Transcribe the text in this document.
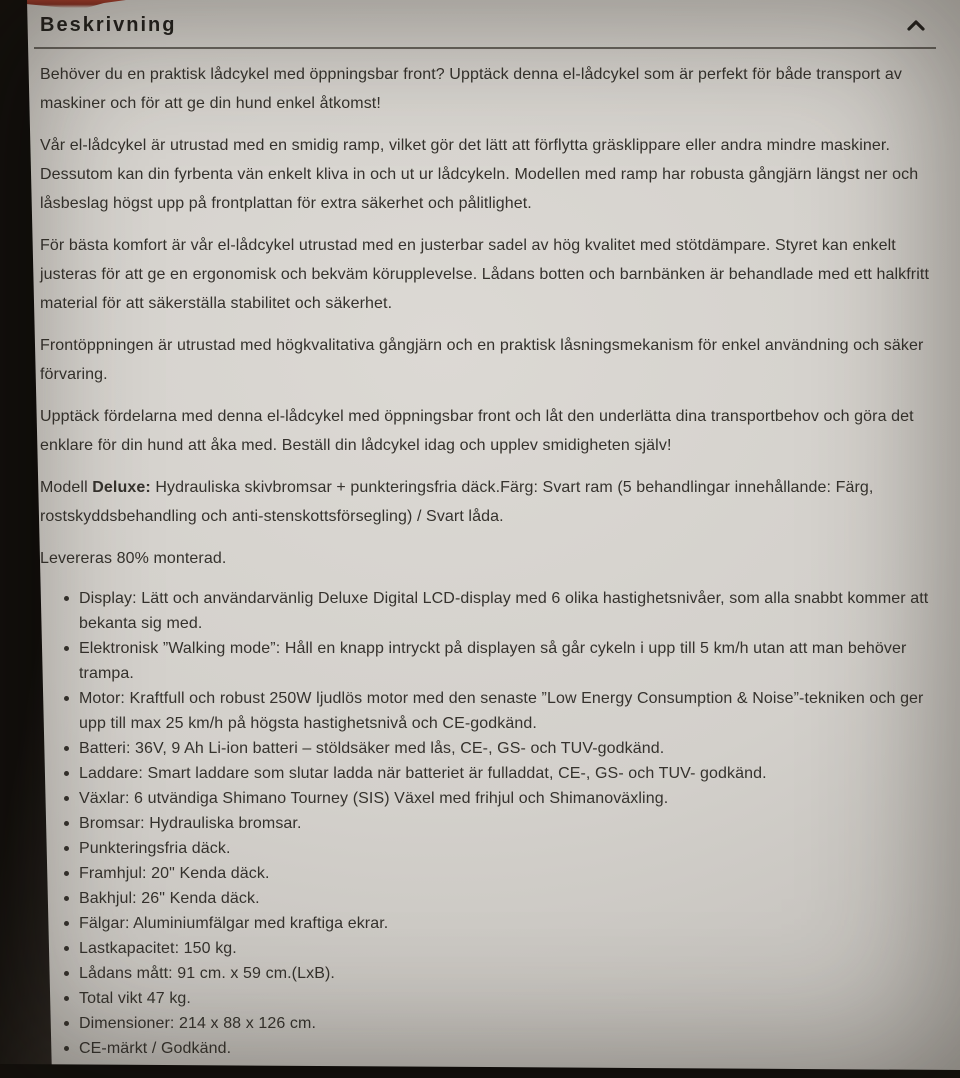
Beskrivning

Behöver du en praktisk lådcykel med öppningsbar front? Upptäck denna el-lådcykel som är perfekt för både transport av maskiner och för att ge din hund enkel åtkomst!

Vår el-lådcykel är utrustad med en smidig ramp, vilket gör det lätt att förflytta gräsklippare eller andra mindre maskiner. Dessutom kan din fyrbenta vän enkelt kliva in och ut ur lådcykeln. Modellen med ramp har robusta gångjärn längst ner och låsbeslag högst upp på frontplattan för extra säkerhet och pålitlighet.

För bästa komfort är vår el-lådcykel utrustad med en justerbar sadel av hög kvalitet med stötdämpare. Styret kan enkelt justeras för att ge en ergonomisk och bekväm körupplevelse. Lådans botten och barnbänken är behandlade med ett halkfritt material för att säkerställa stabilitet och säkerhet.

Frontöppningen är utrustad med högkvalitativa gångjärn och en praktisk låsningsmekanism för enkel användning och säker förvaring.

Upptäck fördelarna med denna el-lådcykel med öppningsbar front och låt den underlätta dina transportbehov och göra det enklare för din hund att åka med. Beställ din lådcykel idag och upplev smidigheten själv!

Modell Deluxe: Hydrauliska skivbromsar + punkteringsfria däck.Färg: Svart ram (5 behandlingar innehållande: Färg, rostskyddsbehandling och anti-stenskottsförsegling) / Svart låda.

Levereras 80% monterad.

Display: Lätt och användarvänlig Deluxe Digital LCD-display med 6 olika hastighetsnivåer, som alla snabbt kommer att bekanta sig med.
Elektronisk ”Walking mode”: Håll en knapp intryckt på displayen så går cykeln i upp till 5 km/h utan att man behöver trampa.
Motor: Kraftfull och robust 250W ljudlös motor med den senaste ”Low Energy Consumption & Noise”-tekniken och ger upp till max 25 km/h på högsta hastighetsnivå och CE-godkänd.
Batteri: 36V, 9 Ah Li-ion batteri – stöldsäker med lås, CE-, GS- och TUV-godkänd.
Laddare: Smart laddare som slutar ladda när batteriet är fulladdat, CE-, GS- och TUV- godkänd.
Växlar: 6 utvändiga Shimano Tourney (SIS) Växel med frihjul och Shimanoväxling.
Bromsar: Hydrauliska bromsar.
Punkteringsfria däck.
Framhjul: 20" Kenda däck.
Bakhjul: 26" Kenda däck.
Fälgar: Aluminiumfälgar med kraftiga ekrar.
Lastkapacitet: 150 kg.
Lådans mått: 91 cm. x 59 cm.(LxB).
Total vikt 47 kg.
Dimensioner: 214 x 88 x 126 cm.
CE-märkt / Godkänd.
